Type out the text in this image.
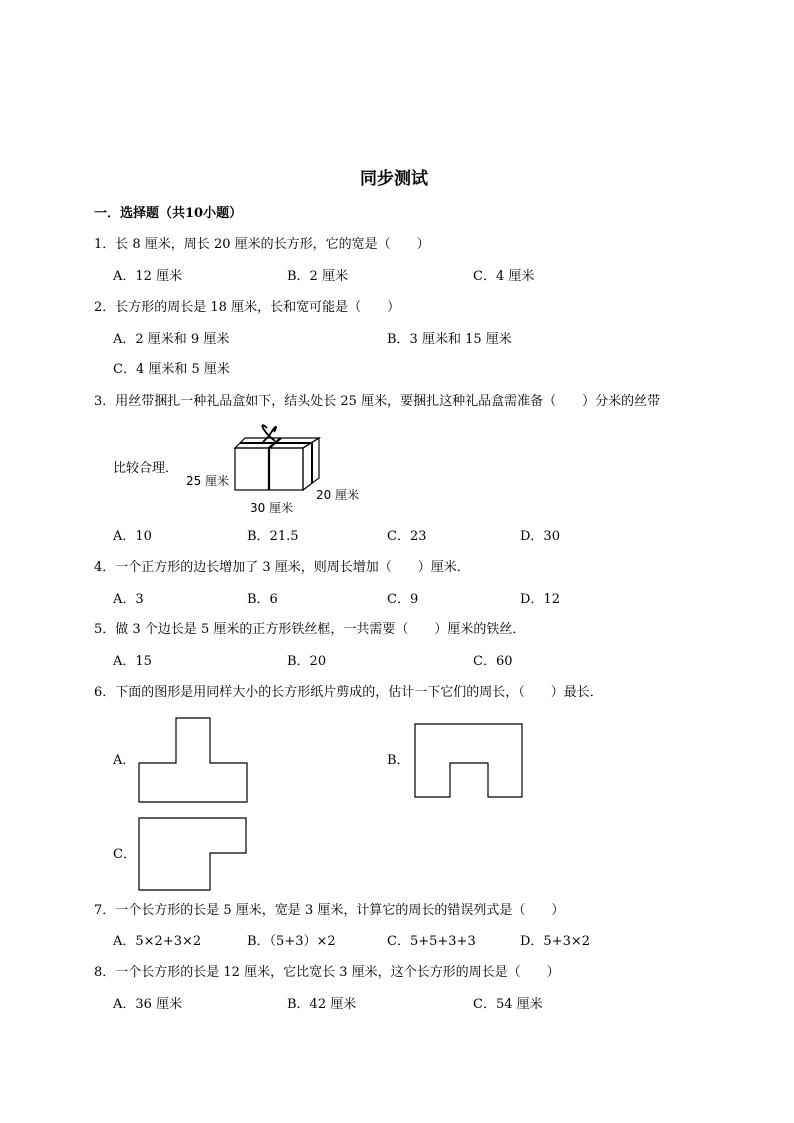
同步测试
一．选择题（共10小题）
1．长 8 厘米，周长 20 厘米的长方形，它的宽是（　　）
A．12 厘米	B．2 厘米	C．4 厘米
2．长方形的周长是 18 厘米，长和宽可能是（　　）
A．2 厘米和 9 厘米	B．3 厘米和 15 厘米
C．4 厘米和 5 厘米
3．用丝带捆扎一种礼品盒如下，结头处长 25 厘米，要捆扎这种礼品盒需准备（　　）分米的丝带
比较合理．
25 厘米
30 厘米
20 厘米
A．10	B．21.5	C．23	D．30
4．一个正方形的边长增加了 3 厘米，则周长增加（　　）厘米．
A．3	B．6	C．9	D．12
5．做 3 个边长是 5 厘米的正方形铁丝框，一共需要（　　）厘米的铁丝．
A．15	B．20	C．60
6．下面的图形是用同样大小的长方形纸片剪成的，估计一下它们的周长，（　　）最长．
A．	B．
C．
7．一个长方形的长是 5 厘米，宽是 3 厘米，计算它的周长的错误列式是（　　）
A．5×2+3×2	B．（5+3）×2	C．5+5+3+3	D．5+3×2
8．一个长方形的长是 12 厘米，它比宽长 3 厘米，这个长方形的周长是（　　）
A．36 厘米	B．42 厘米	C．54 厘米
